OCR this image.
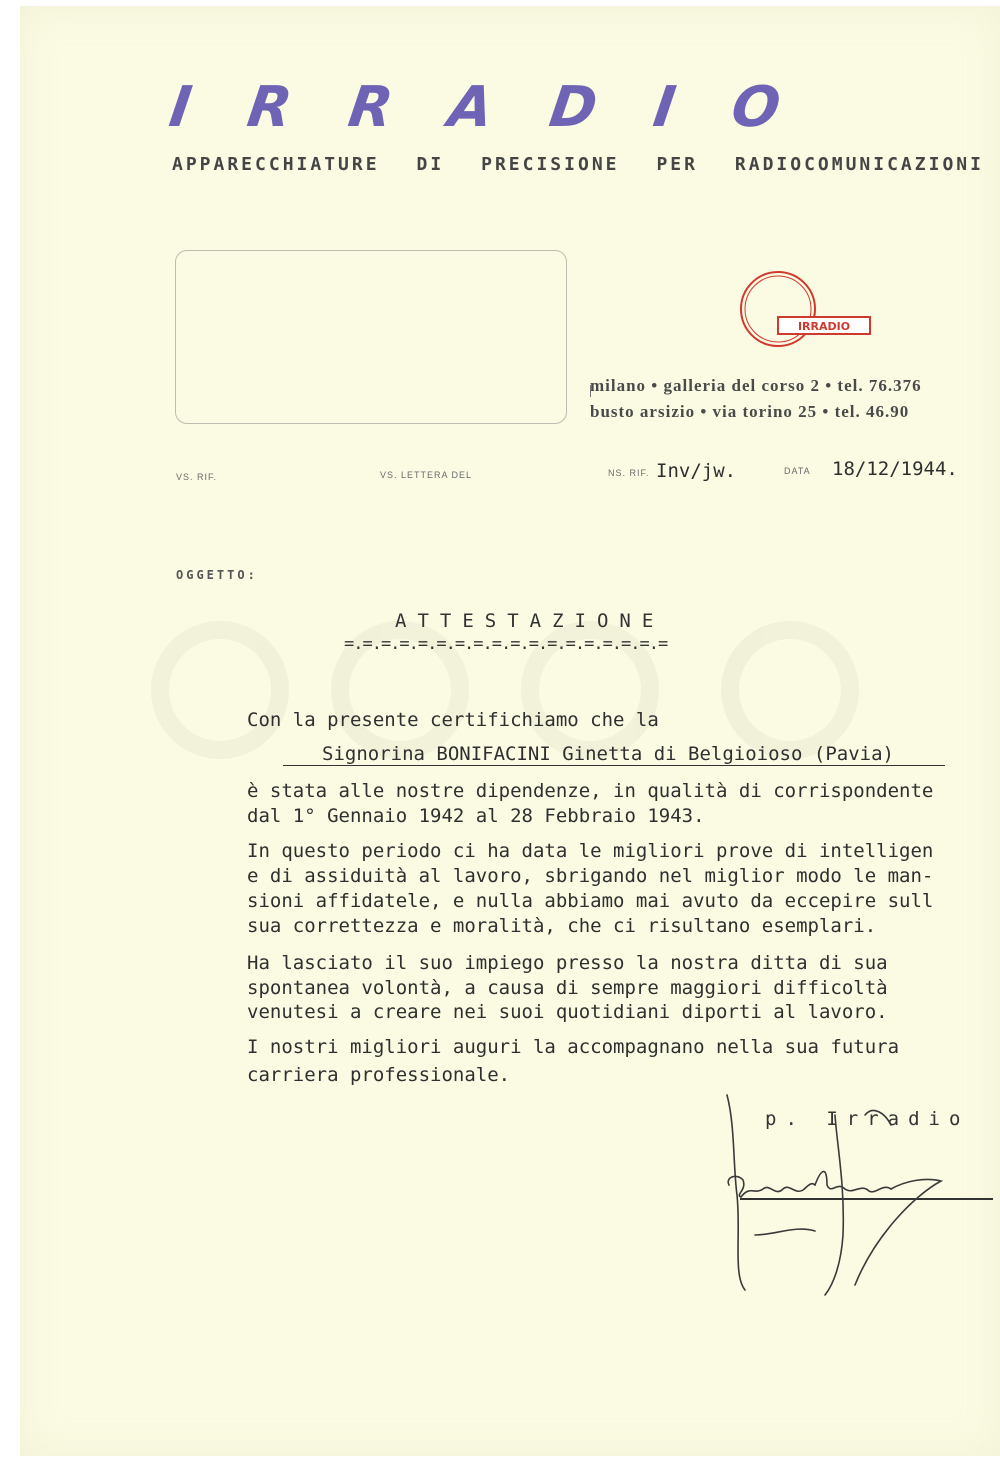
I R R A D I O
APPARECCHIATURE DI PRECISIONE PER RADIOCOMUNICAZIONI
IRRADIO
milano • galleria del corso 2 • tel. 76.376
busto arsizio • via torino 25 • tel. 46.90
VS. RIF.	VS. LETTERA DEL	NS. RIF. Inv/jw.	DATA 18/12/1944.
OGGETTO:
ATTESTAZIONE
=.=.=.=.=.=.=.=.=.=.=.=.=.=.=.=.=.=
Con la presente certifichiamo che la
Signorina BONIFACINI Ginetta di Belgioioso (Pavia)
è stata alle nostre dipendenze, in qualità di corrispondente
dal 1° Gennaio 1942 al 28 Febbraio 1943.
In questo periodo ci ha data le migliori prove di intelligen
e di assiduità al lavoro, sbrigando nel miglior modo le man-
sioni affidatele, e nulla abbiamo mai avuto da eccepire sull
sua correttezza e moralità, che ci risultano esemplari.
Ha lasciato il suo impiego presso la nostra ditta di sua
spontanea volontà, a causa di sempre maggiori difficoltà
venutesi a creare nei suoi quotidiani diporti al lavoro.
I nostri migliori auguri la accompagnano nella sua futura
carriera professionale.
p. Irradio
